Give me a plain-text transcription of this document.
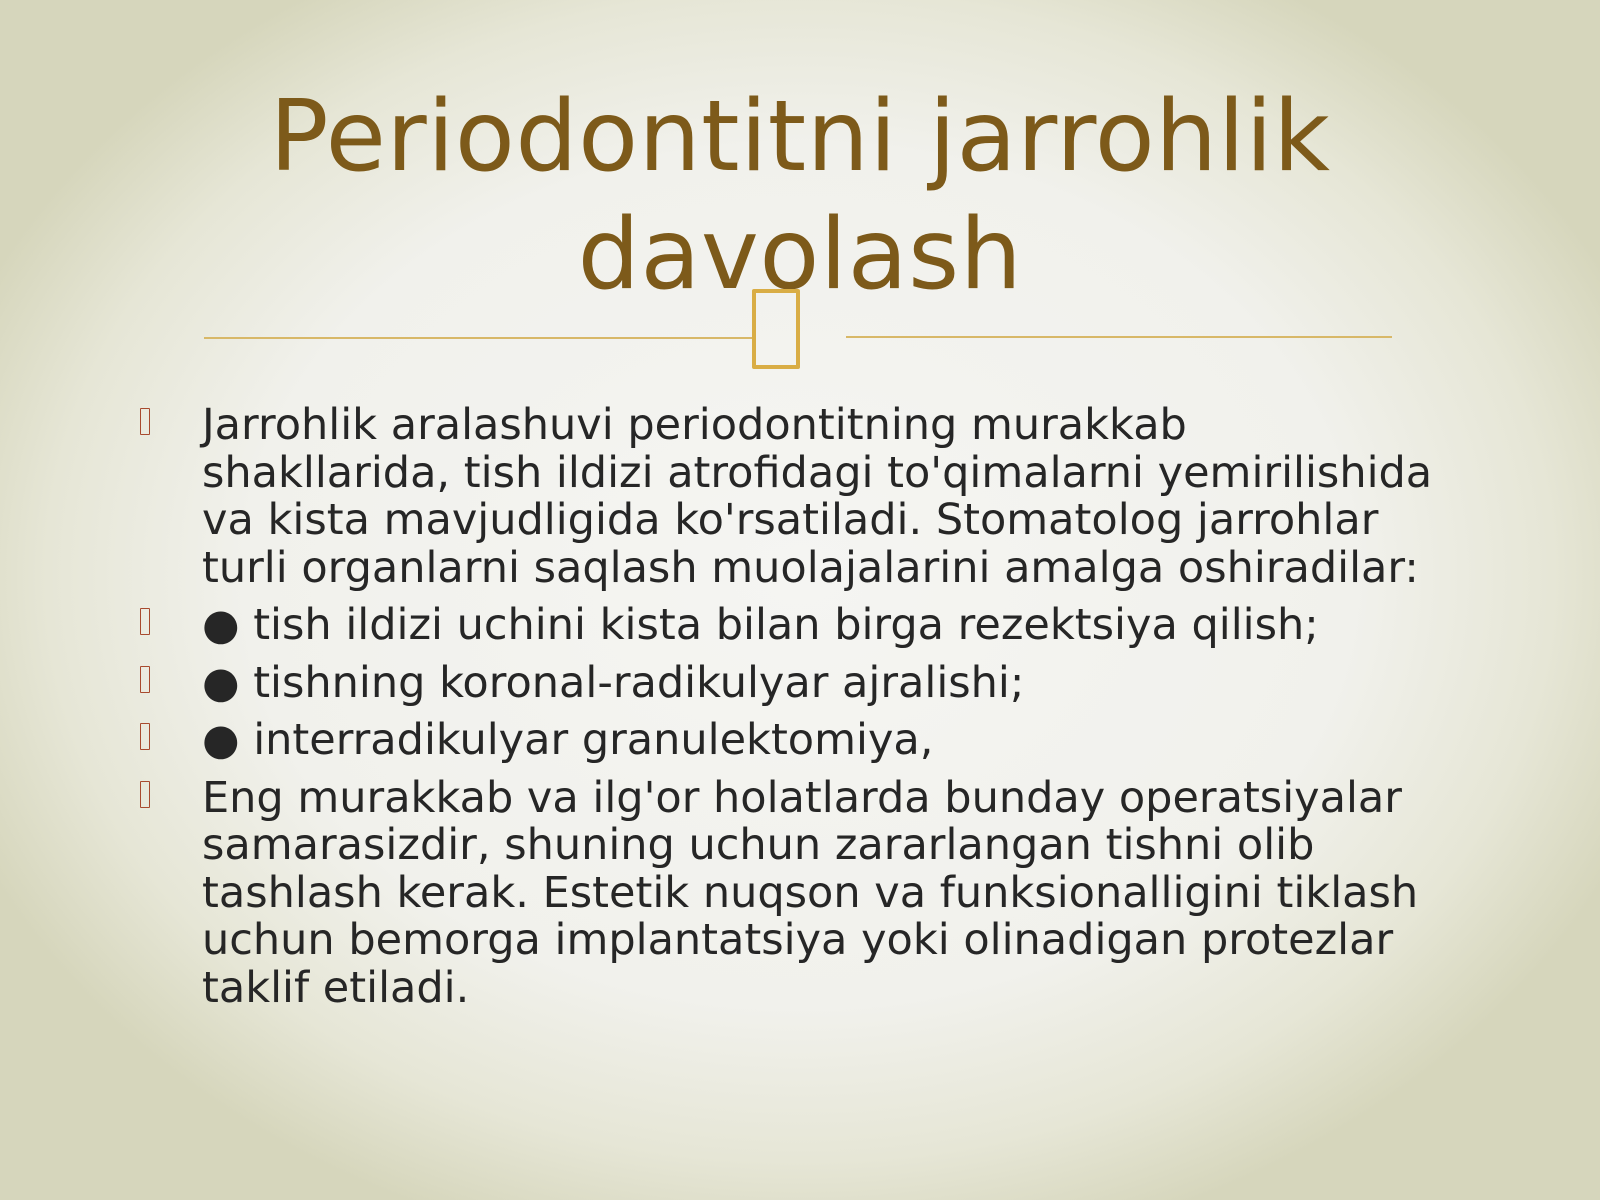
Periodontitni jarrohlik
davolash
Jarrohlik aralashuvi periodontitning murakkab shakllarida, tish ildizi atrofidagi to'qimalarni yemirilishida va kista mavjudligida ko'rsatiladi. Stomatolog jarrohlar turli organlarni saqlash muolajalarini amalga oshiradilar:
● tish ildizi uchini kista bilan birga rezektsiya qilish;
● tishning koronal-radikulyar ajralishi;
● interradikulyar granulektomiya,
Eng murakkab va ilg'or holatlarda bunday operatsiyalar samarasizdir, shuning uchun zararlangan tishni olib tashlash kerak. Estetik nuqson va funksionalligini tiklash uchun bemorga implantatsiya yoki olinadigan protezlar taklif etiladi.
